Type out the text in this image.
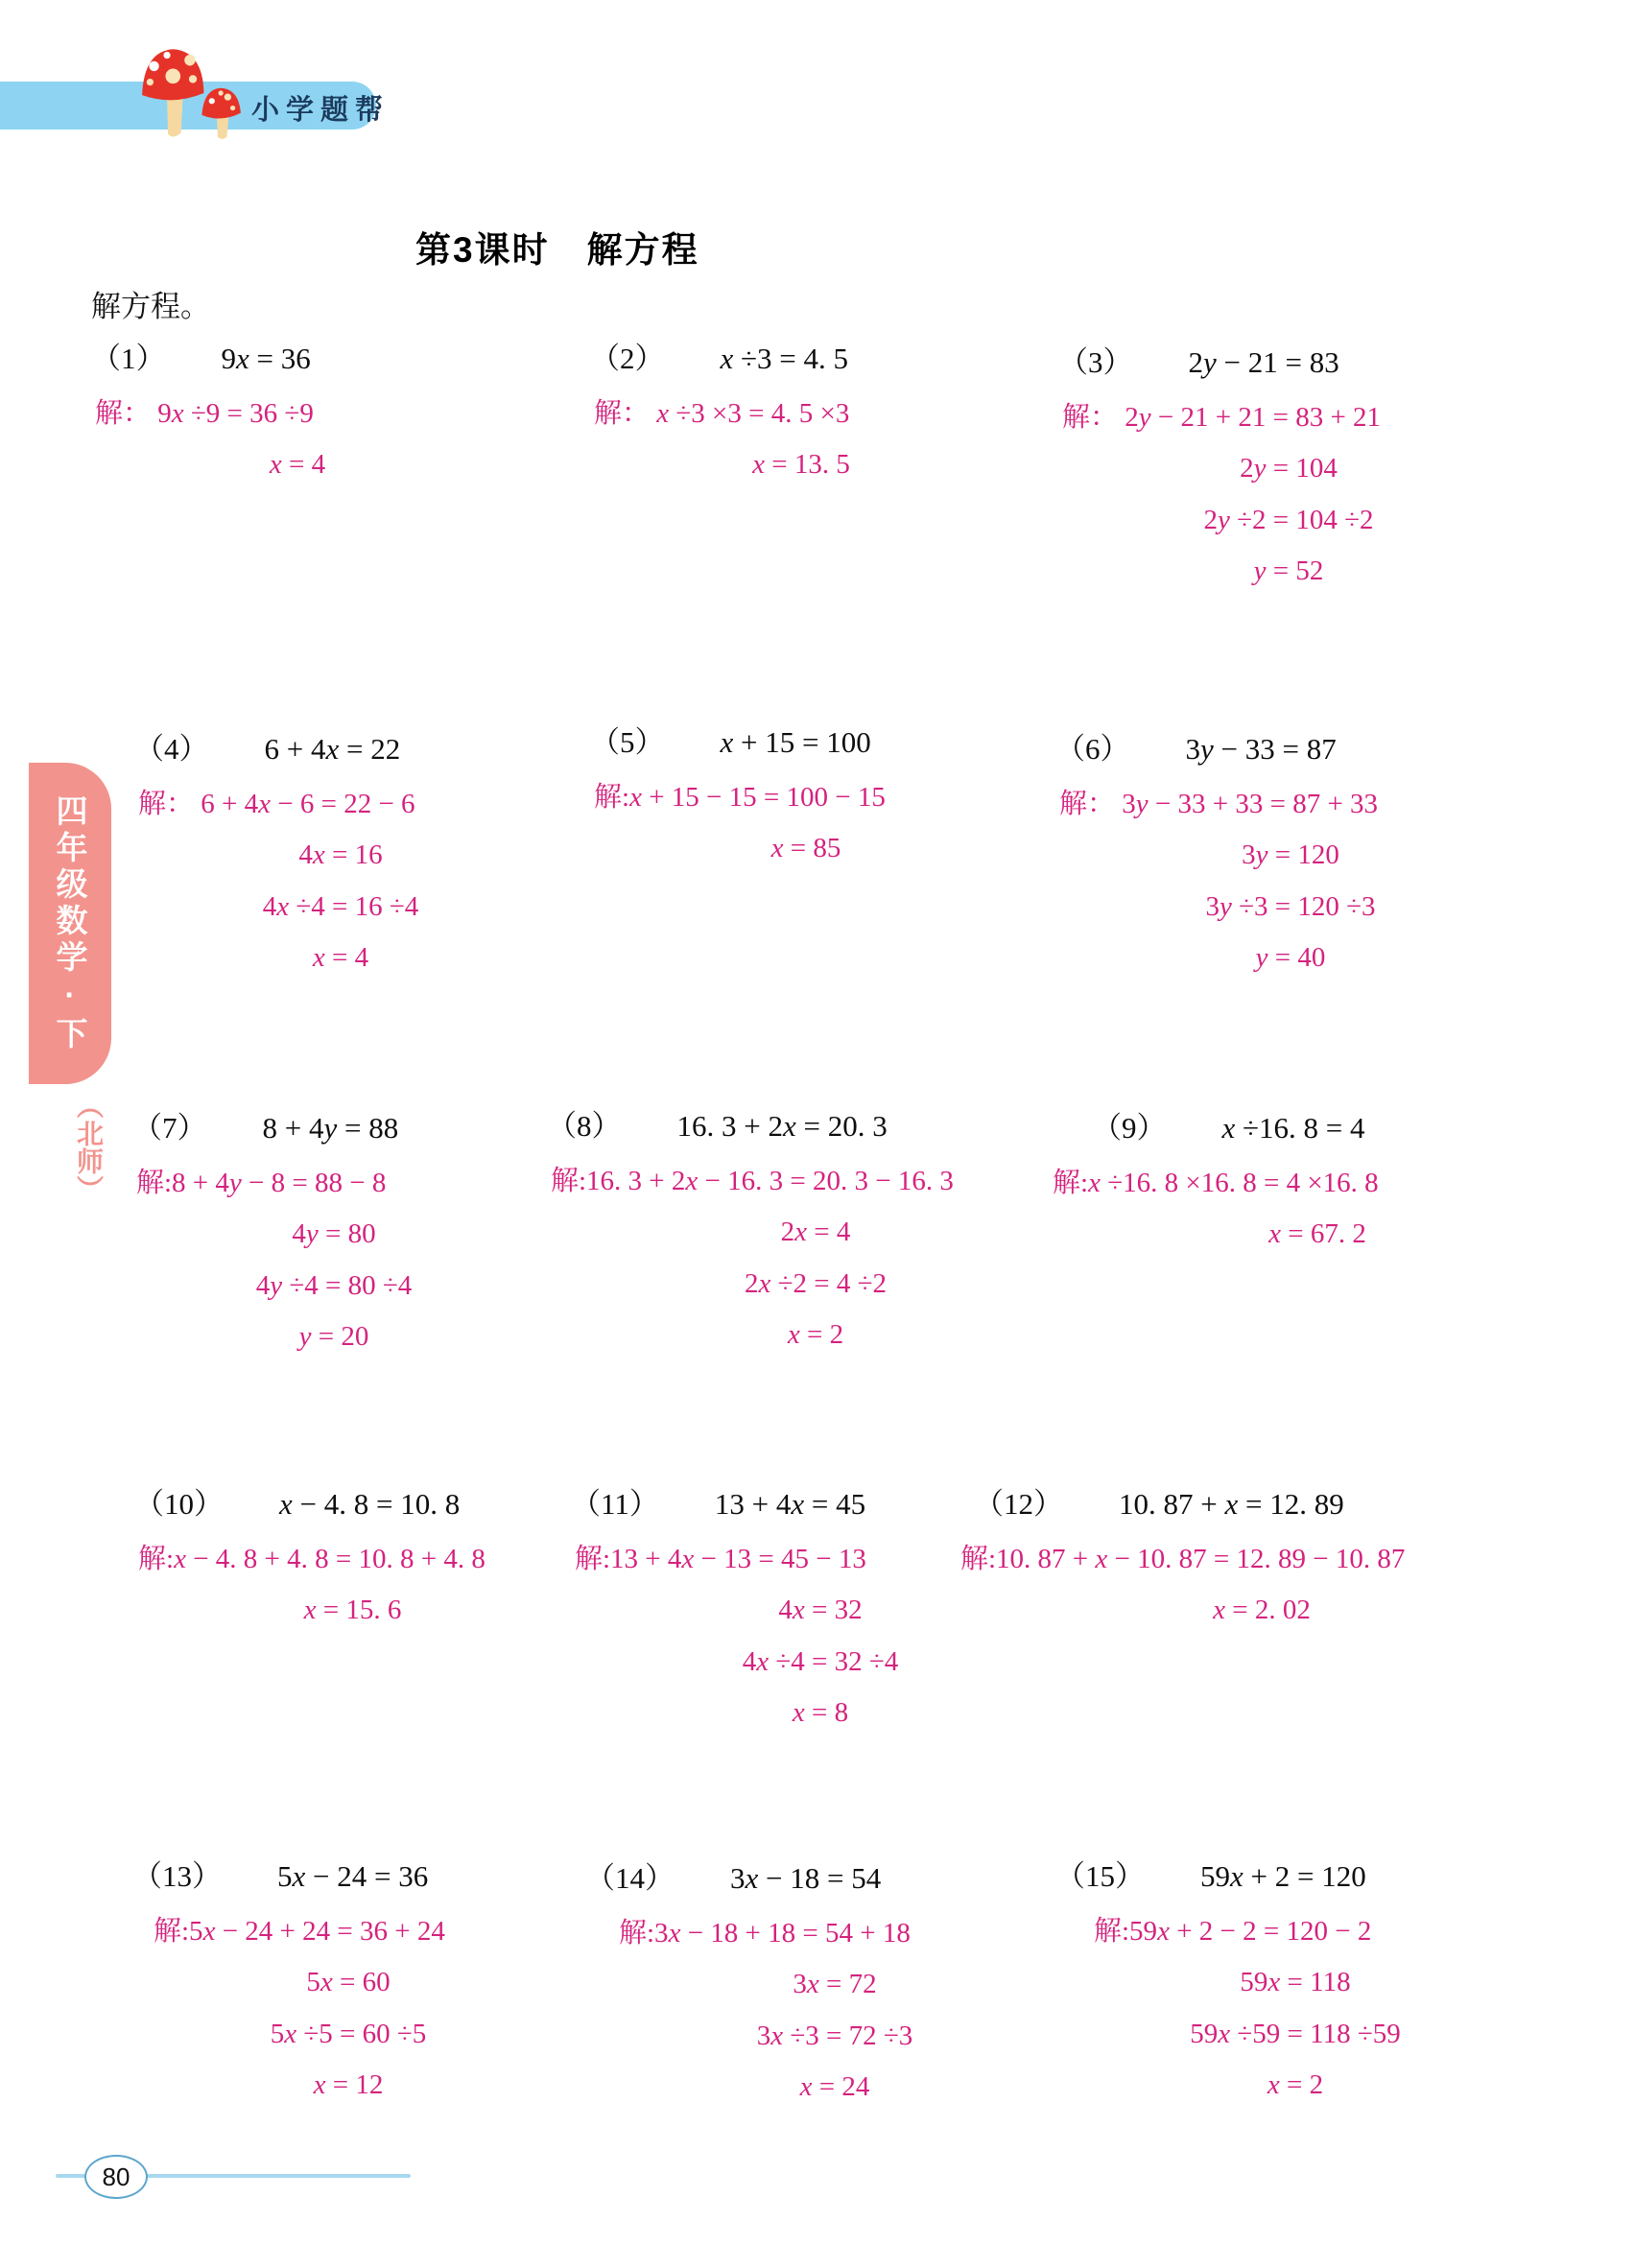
小学题帮
第3课时　解方程
解方程。
四年级数学·下
（北师）
（1） 9x = 36
解： 9x ÷9 = 36 ÷9
x = 4
（2） x ÷3 = 4. 5
解： x ÷3 ×3 = 4. 5 ×3
x = 13. 5
（3） 2y − 21 = 83
解： 2y − 21 + 21 = 83 + 21
2y = 104
2y ÷2 = 104 ÷2
y = 52
（4） 6 + 4x = 22
解： 6 + 4x − 6 = 22 − 6
4x = 16
4x ÷4 = 16 ÷4
x = 4
（5） x + 15 = 100
解:x + 15 − 15 = 100 − 15
x = 85
（6） 3y − 33 = 87
解： 3y − 33 + 33 = 87 + 33
3y = 120
3y ÷3 = 120 ÷3
y = 40
（7） 8 + 4y = 88
解:8 + 4y − 8 = 88 − 8
4y = 80
4y ÷4 = 80 ÷4
y = 20
（8） 16. 3 + 2x = 20. 3
解:16. 3 + 2x − 16. 3 = 20. 3 − 16. 3
2x = 4
2x ÷2 = 4 ÷2
x = 2
（9） x ÷16. 8 = 4
解:x ÷16. 8 ×16. 8 = 4 ×16. 8
x = 67. 2
（10） x − 4. 8 = 10. 8
解:x − 4. 8 + 4. 8 = 10. 8 + 4. 8
x = 15. 6
（11） 13 + 4x = 45
解:13 + 4x − 13 = 45 − 13
4x = 32
4x ÷4 = 32 ÷4
x = 8
（12） 10. 87 + x = 12. 89
解:10. 87 + x − 10. 87 = 12. 89 − 10. 87
x = 2. 02
（13） 5x − 24 = 36
解:5x − 24 + 24 = 36 + 24
5x = 60
5x ÷5 = 60 ÷5
x = 12
（14） 3x − 18 = 54
解:3x − 18 + 18 = 54 + 18
3x = 72
3x ÷3 = 72 ÷3
x = 24
（15） 59x + 2 = 120
解:59x + 2 − 2 = 120 − 2
59x = 118
59x ÷59 = 118 ÷59
x = 2
80
